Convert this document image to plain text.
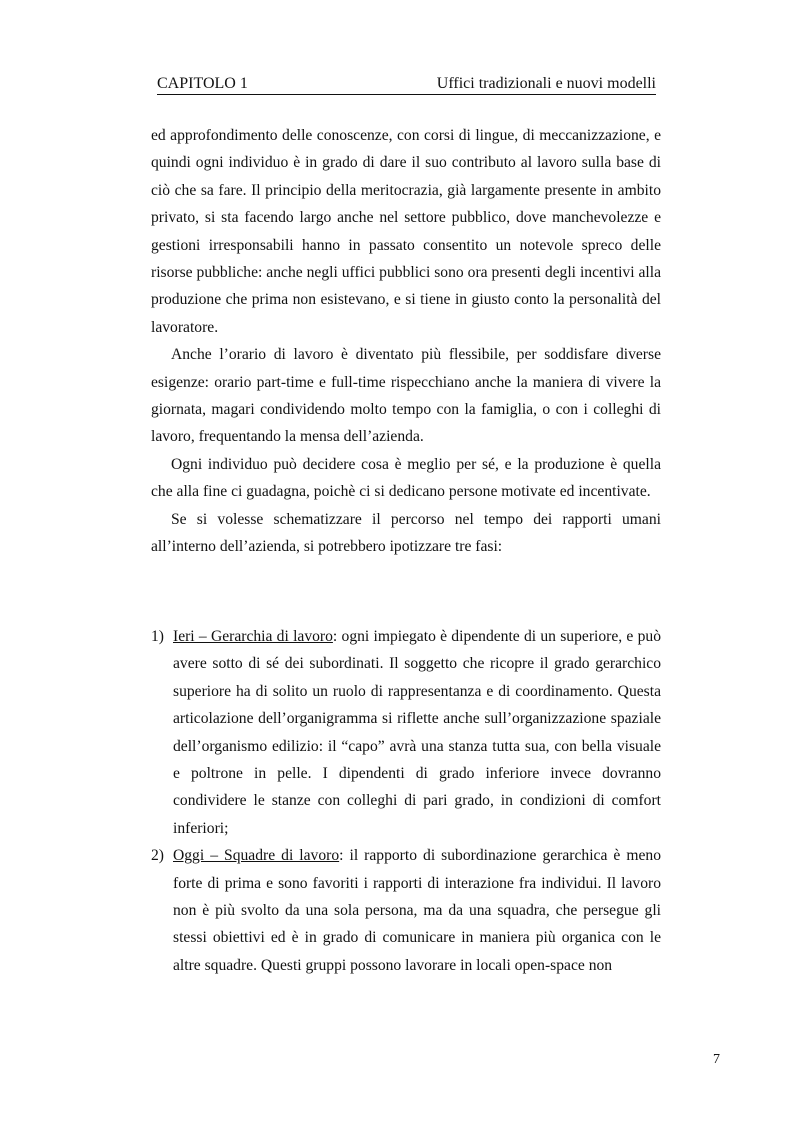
CAPITOLO 1	Uffici tradizionali e nuovi modelli

ed approfondimento delle conoscenze, con corsi di lingue, di meccanizzazione, e quindi ogni individuo è in grado di dare il suo contributo al lavoro sulla base di ciò che sa fare. Il principio della meritocrazia, già largamente presente in ambito privato, si sta facendo largo anche nel settore pubblico, dove manchevolezze e gestioni irresponsabili hanno in passato consentito un notevole spreco delle risorse pubbliche: anche negli uffici pubblici sono ora presenti degli incentivi alla produzione che prima non esistevano, e si tiene in giusto conto la personalità del lavoratore.

Anche l’orario di lavoro è diventato più flessibile, per soddisfare diverse esigenze: orario part-time e full-time rispecchiano anche la maniera di vivere la giornata, magari condividendo molto tempo con la famiglia, o con i colleghi di lavoro, frequentando la mensa dell’azienda.

Ogni individuo può decidere cosa è meglio per sé, e la produzione è quella che alla fine ci guadagna, poichè ci si dedicano persone motivate ed incentivate.

Se si volesse schematizzare il percorso nel tempo dei rapporti umani all’interno dell’azienda, si potrebbero ipotizzare tre fasi:

1) Ieri – Gerarchia di lavoro: ogni impiegato è dipendente di un superiore, e può avere sotto di sé dei subordinati. Il soggetto che ricopre il grado gerarchico superiore ha di solito un ruolo di rappresentanza e di coordinamento. Questa articolazione dell’organigramma si riflette anche sull’organizzazione spaziale dell’organismo edilizio: il “capo” avrà una stanza tutta sua, con bella visuale e poltrone in pelle. I dipendenti di grado inferiore invece dovranno condividere le stanze con colleghi di pari grado, in condizioni di comfort inferiori;
2) Oggi – Squadre di lavoro: il rapporto di subordinazione gerarchica è meno forte di prima e sono favoriti i rapporti di interazione fra individui. Il lavoro non è più svolto da una sola persona, ma da una squadra, che persegue gli stessi obiettivi ed è in grado di comunicare in maniera più organica con le altre squadre. Questi gruppi possono lavorare in locali open-space non
7
